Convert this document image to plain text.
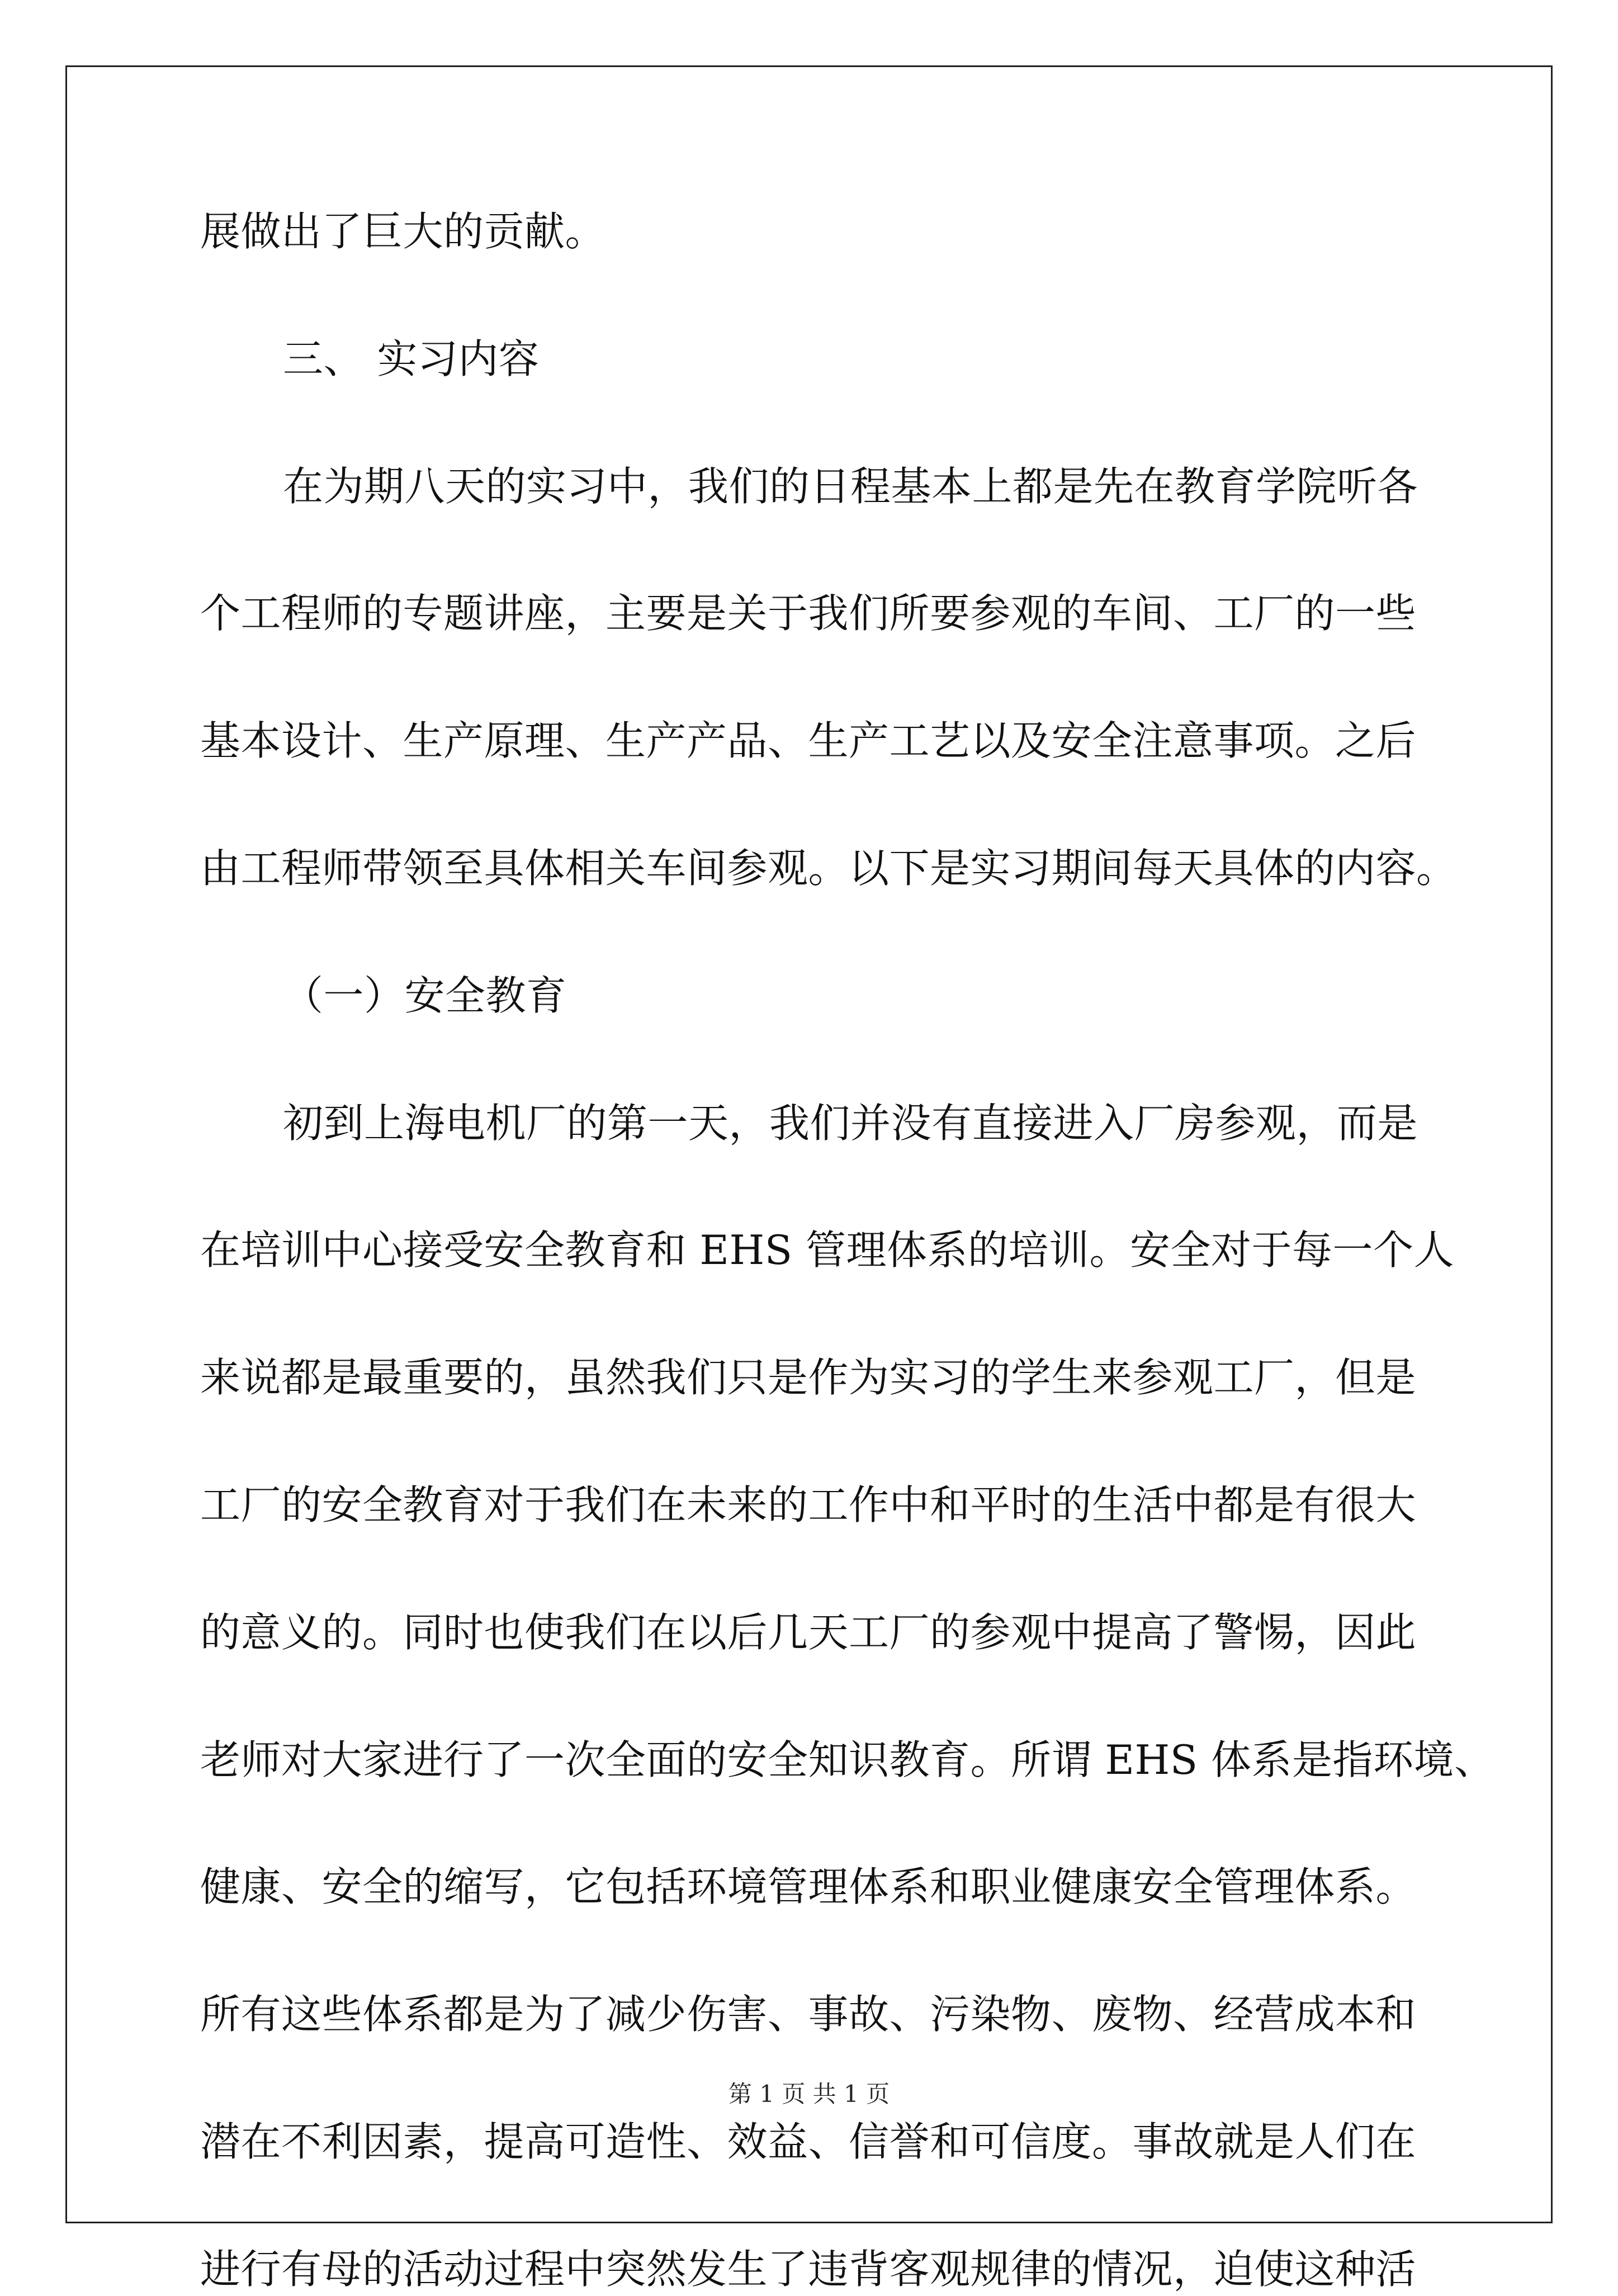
展做出了巨大的贡献。
三、 实习内容
在为期八天的实习中，我们的日程基本上都是先在教育学院听各
个工程师的专题讲座，主要是关于我们所要参观的车间、工厂的一些
基本设计、生产原理、生产产品、生产工艺以及安全注意事项。之后
由工程师带领至具体相关车间参观。以下是实习期间每天具体的内容。
（一）安全教育
初到上海电机厂的第一天，我们并没有直接进入厂房参观，而是
在培训中心接受安全教育和 EHS 管理体系的培训。安全对于每一个人
来说都是最重要的，虽然我们只是作为实习的学生来参观工厂，但是
工厂的安全教育对于我们在未来的工作中和平时的生活中都是有很大
的意义的。同时也使我们在以后几天工厂的参观中提高了警惕，因此
老师对大家进行了一次全面的安全知识教育。所谓 EHS 体系是指环境、
健康、安全的缩写，它包括环境管理体系和职业健康安全管理体系。
所有这些体系都是为了减少伤害、事故、污染物、废物、经营成本和
潜在不利因素，提高可造性、效益、信誉和可信度。事故就是人们在
进行有母的活动过程中突然发生了违背客观规律的情况，迫使这种活
第 1 页 共 1 页
